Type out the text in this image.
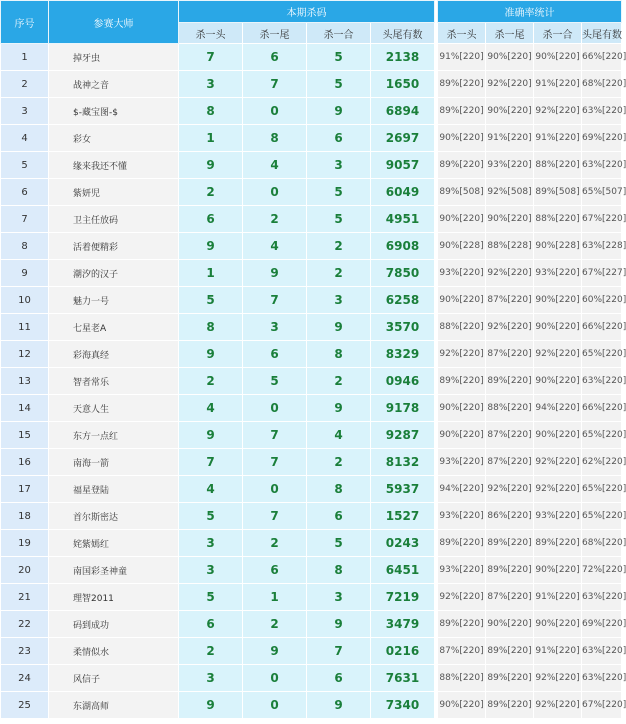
序号	参赛大师	本期杀码					准确率统计			
		杀一头	杀一尾	杀一合	头尾有数		杀一头	杀一尾	杀一合	头尾有数
1	掉牙虫	7	6	5	2138		91%[220]	90%[220]	90%[220]	66%[220]
2	战神之音	3	7	5	1650		89%[220]	92%[220]	91%[220]	68%[220]
3	$-藏宝图-$	8	0	9	6894		89%[220]	90%[220]	92%[220]	63%[220]
4	彩女	1	8	6	2697		90%[220]	91%[220]	91%[220]	69%[220]
5	缘来我还不懂	9	4	3	9057		89%[220]	93%[220]	88%[220]	63%[220]
6	紫妍児	2	0	5	6049		89%[508]	92%[508]	89%[508]	65%[507]
7	卫主任放码	6	2	5	4951		90%[220]	90%[220]	88%[220]	67%[220]
8	活着便精彩	9	4	2	6908		90%[228]	88%[228]	90%[228]	63%[228]
9	潮汐的汉子	1	9	2	7850		93%[220]	92%[220]	93%[220]	67%[227]
10	魅力一号	5	7	3	6258		90%[220]	87%[220]	90%[220]	60%[220]
11	七星老A	8	3	9	3570		88%[220]	92%[220]	90%[220]	66%[220]
12	彩海真经	9	6	8	8329		92%[220]	87%[220]	92%[220]	65%[220]
13	智者常乐	2	5	2	0946		89%[220]	89%[220]	90%[220]	63%[220]
14	天意人生	4	0	9	9178		90%[220]	88%[220]	94%[220]	66%[220]
15	东方一点红	9	7	4	9287		90%[220]	87%[220]	90%[220]	65%[220]
16	南海一箭	7	7	2	8132		93%[220]	87%[220]	92%[220]	62%[220]
17	福星登陆	4	0	8	5937		94%[220]	92%[220]	92%[220]	65%[220]
18	首尔斯密达	5	7	6	1527		93%[220]	86%[220]	93%[220]	65%[220]
19	姹紫嫣红	3	2	5	0243		89%[220]	89%[220]	89%[220]	68%[220]
20	南国彩圣神童	3	6	8	6451		93%[220]	89%[220]	90%[220]	72%[220]
21	理智2011	5	1	3	7219		92%[220]	87%[220]	91%[220]	63%[220]
22	码到成功	6	2	9	3479		89%[220]	90%[220]	90%[220]	69%[220]
23	柔情似水	2	9	7	0216		87%[220]	89%[220]	91%[220]	63%[220]
24	风信子	3	0	6	7631		88%[220]	89%[220]	92%[220]	63%[220]
25	东湖高师	9	0	9	7340		90%[220]	89%[220]	92%[220]	67%[220]
